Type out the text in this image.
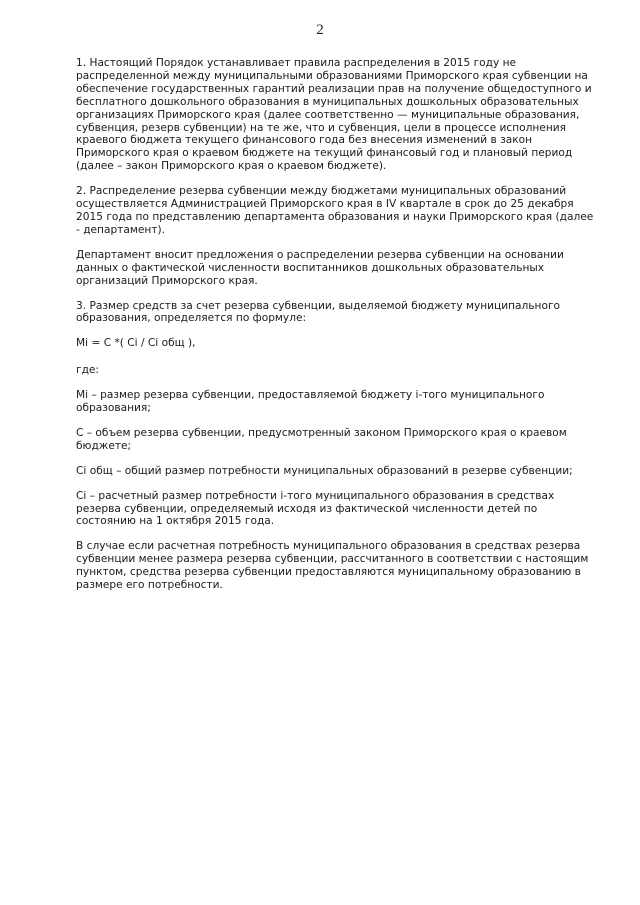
2

1. Настоящий Порядок устанавливает правила распределения в 2015 году не
распределенной между муниципальными образованиями Приморского края субвенции на
обеспечение государственных гарантий реализации прав на получение общедоступного и
бесплатного дошкольного образования в муниципальных дошкольных образовательных
организациях Приморского края (далее соответственно — муниципальные образования,
субвенция, резерв субвенции) на те же, что и субвенция, цели в процессе исполнения
краевого бюджета текущего финансового года без внесения изменений в закон
Приморского края о краевом бюджете на текущий финансовый год и плановый период
(далее – закон Приморского края о краевом бюджете).

2. Распределение резерва субвенции между бюджетами муниципальных образований
осуществляется Администрацией Приморского края в IV квартале в срок до 25 декабря
2015 года по представлению департамента образования и науки Приморского края (далее
- департамент).

Департамент вносит предложения о распределении резерва субвенции на основании
данных о фактической численности воспитанников дошкольных образовательных
организаций Приморского края.

3. Размер средств за счет резерва субвенции, выделяемой бюджету муниципального
образования, определяется по формуле:

Mi = C *( Ci / Ci общ ),

где:

Mi – размер резерва субвенции, предоставляемой бюджету i-того муниципального
образования;

C – объем резерва субвенции, предусмотренный законом Приморского края о краевом
бюджете;

Ci общ – общий размер потребности муниципальных образований в резерве субвенции;

Ci – расчетный размер потребности i-того муниципального образования в средствах
резерва субвенции, определяемый исходя из фактической численности детей по
состоянию на 1 октября 2015 года.

В случае если расчетная потребность муниципального образования в средствах резерва
субвенции менее размера резерва субвенции, рассчитанного в соответствии с настоящим
пунктом, средства резерва субвенции предоставляются муниципальному образованию в
размере его потребности.
